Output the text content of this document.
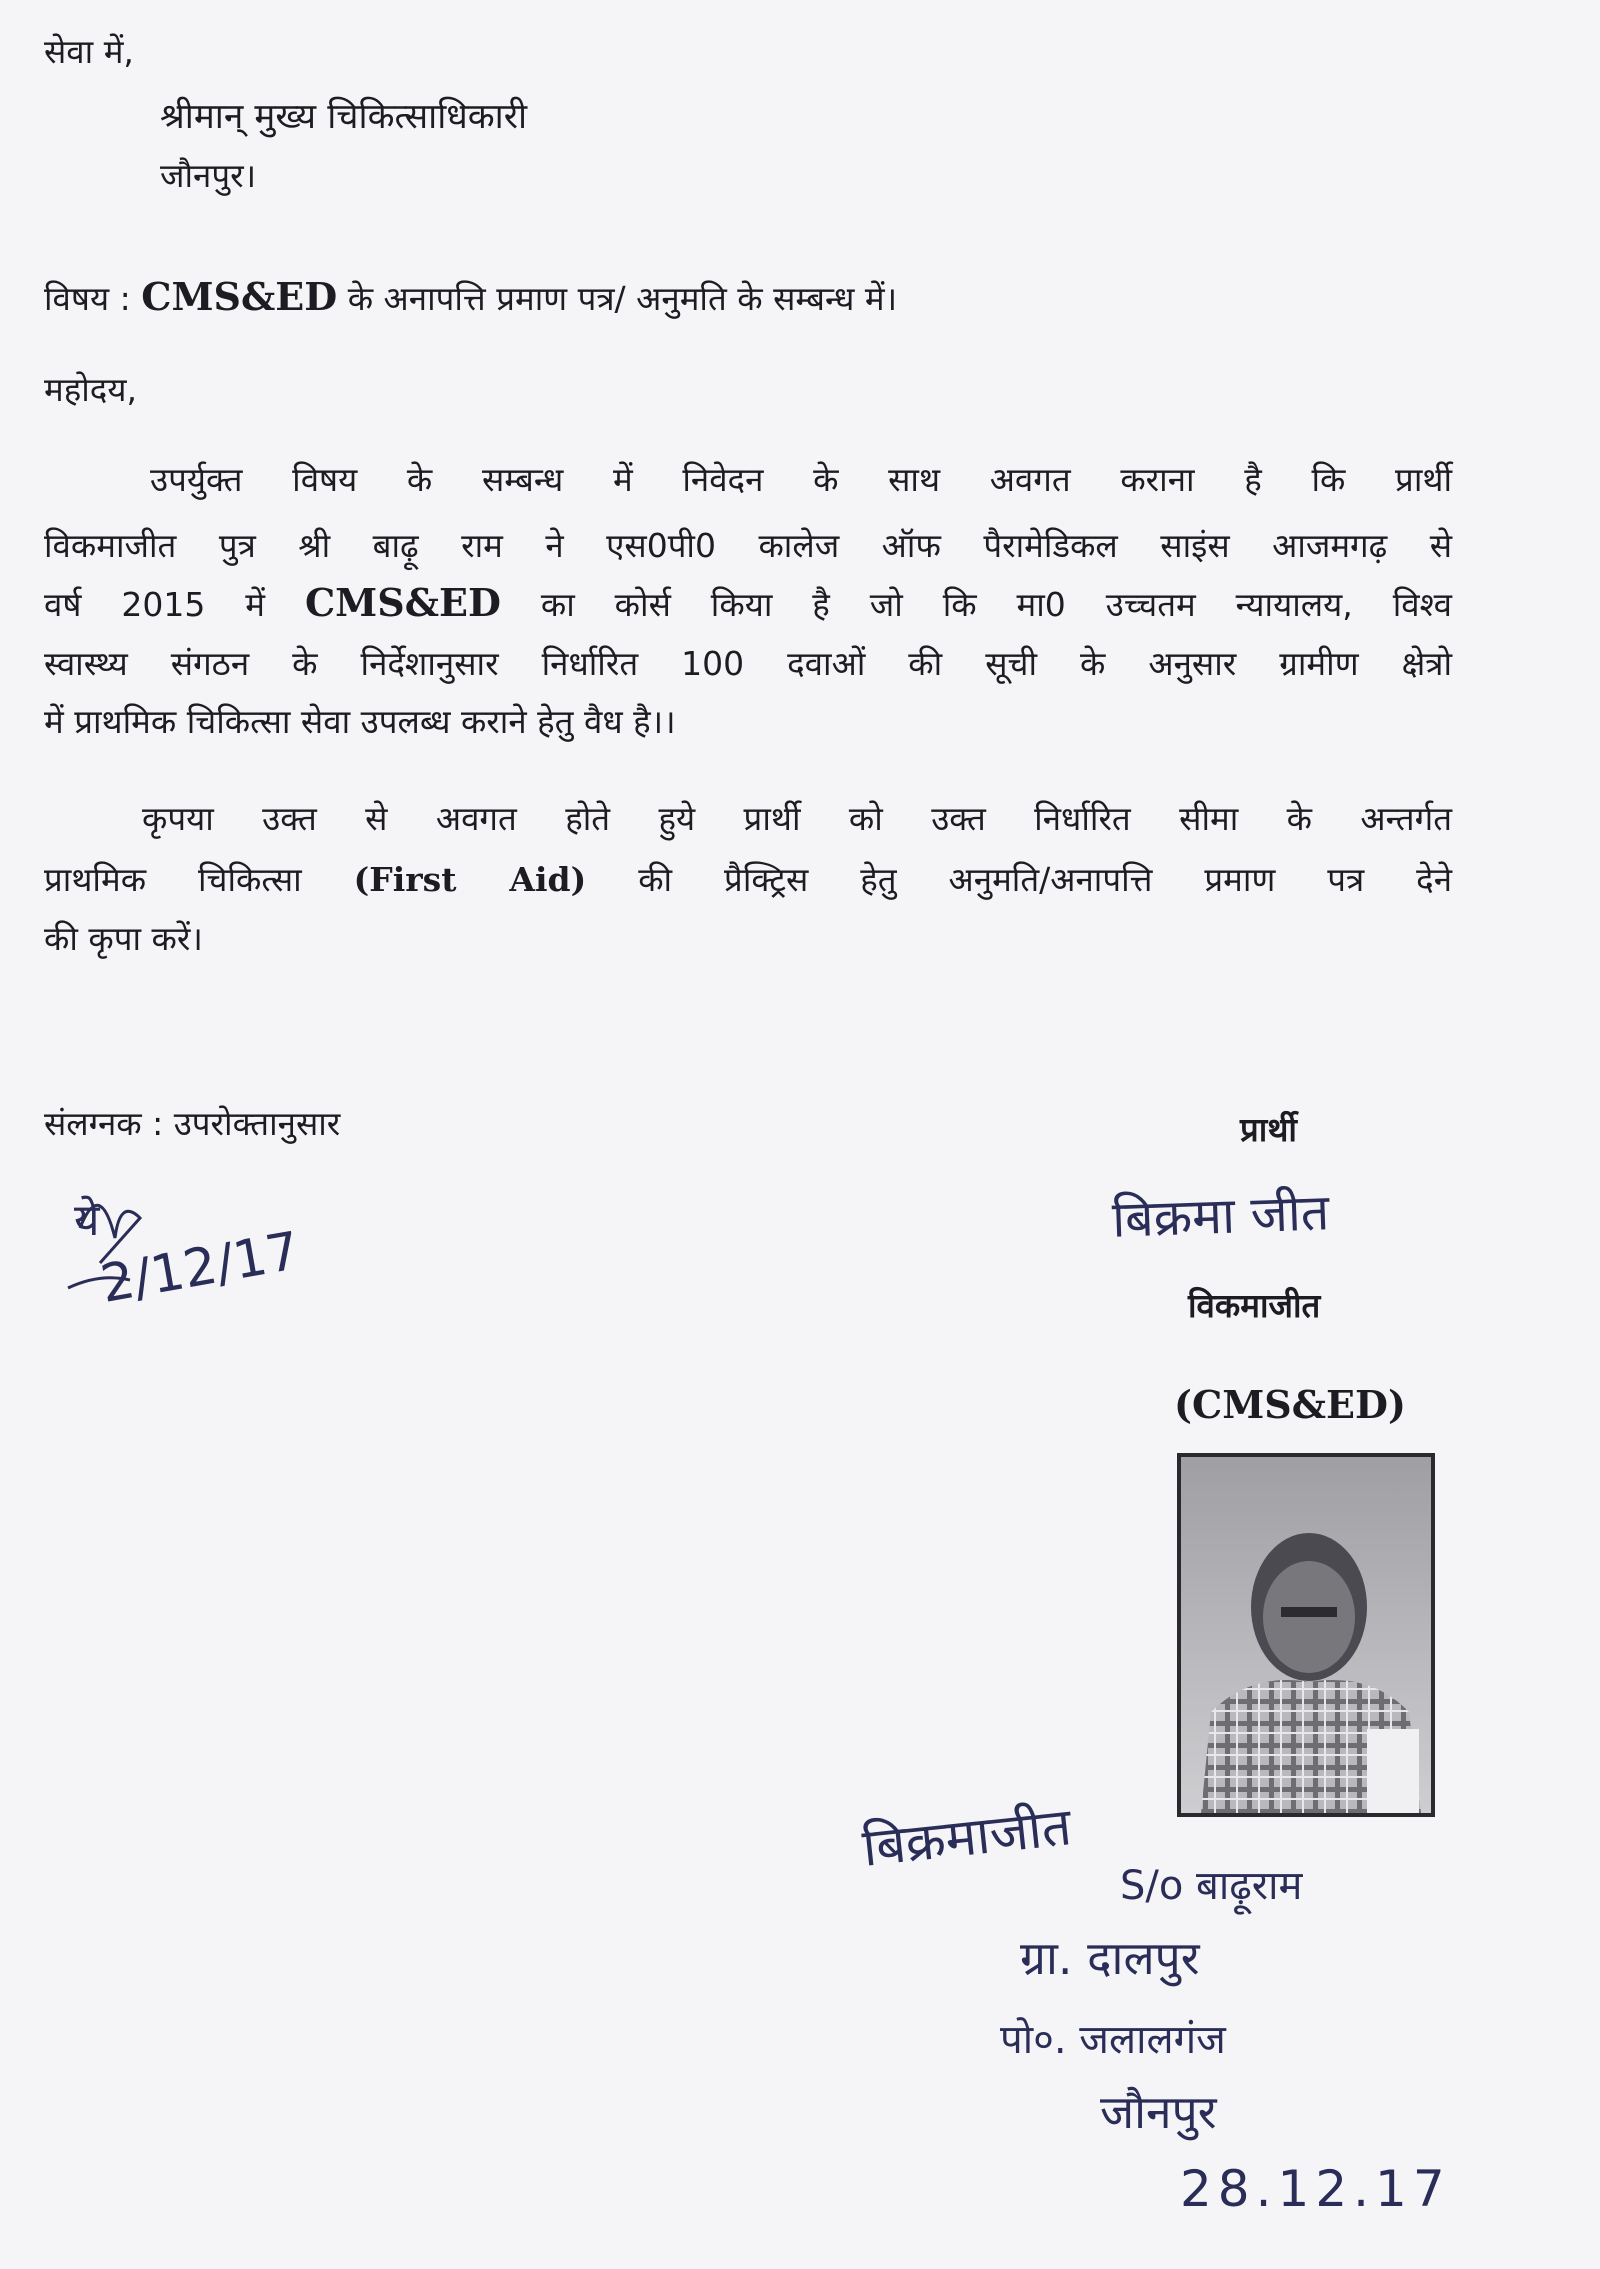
सेवा में,
श्रीमान् मुख्य चिकित्साधिकारी
जौनपुर।
विषय : CMS&ED के अनापत्ति प्रमाण पत्र/ अनुमति के सम्बन्ध में।
महोदय,
उपर्युक्त विषय के सम्बन्ध में निवेदन के साथ अवगत कराना है कि प्रार्थी
विकमाजीत पुत्र श्री बाढ़ू राम ने एस0पी0 कालेज ऑफ पैरामेडिकल साइंस आजमगढ़ से
वर्ष 2015 में CMS&ED का कोर्स किया है जो कि मा0 उच्चतम न्यायालय, विश्व
स्वास्थ्य संगठन के निर्देशानुसार निर्धारित 100 दवाओं की सूची के अनुसार ग्रामीण क्षेत्रो
में प्राथमिक चिकित्सा सेवा उपलब्ध कराने हेतु वैध है।।
कृपया उक्त से अवगत होते हुये प्रार्थी को उक्त निर्धारित सीमा के अन्तर्गत
प्राथमिक चिकित्सा (First Aid) की प्रैक्ट्रिस हेतु अनुमति/अनापत्ति प्रमाण पत्र देने
की कृपा करें।
संलग्नक : उपरोक्तानुसार	प्रार्थी
बिक्रमा जीत
विकमाजीत
(CMS&ED)
ये
2/12/17
बिक्रमाजीत
S/o बाढ़ूराम
ग्रा. दालपुर
पो०. जलालगंज
जौनपुर
28.12.17
